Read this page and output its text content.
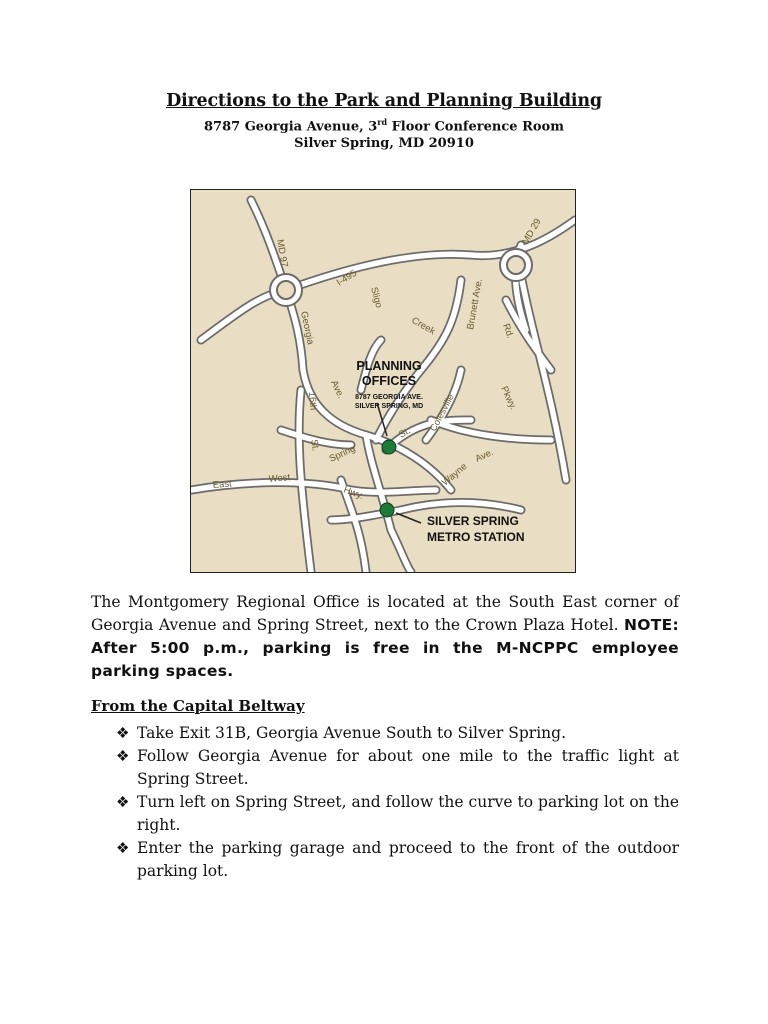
Directions to the Park and Planning Building
8787 Georgia Avenue, 3rd Floor Conference Room
Silver Spring, MD 20910
MD 97
MD 29
I-495
Georgia
Ave.
Sligo
Creek	Brunett Ave.
Rd.
Pkwy.
Colesville
St.
16th
St. Spring
East	West
Hwy.
Wayne
Ave.
PLANNING
OFFICES
8787 GEORGIA AVE.
SILVER SPRING, MD
SILVER SPRING
METRO STATION
The Montgomery Regional Office is located at the South East corner of Georgia Avenue and Spring Street, next to the Crown Plaza Hotel. NOTE: After 5:00 p.m., parking is free in the M-NCPPC employee parking spaces.
From the Capital Beltway
❖ Take Exit 31B, Georgia Avenue South to Silver Spring.
❖ Follow Georgia Avenue for about one mile to the traffic light at Spring Street.
❖ Turn left on Spring Street, and follow the curve to parking lot on the right.
❖ Enter the parking garage and proceed to the front of the outdoor parking lot.
